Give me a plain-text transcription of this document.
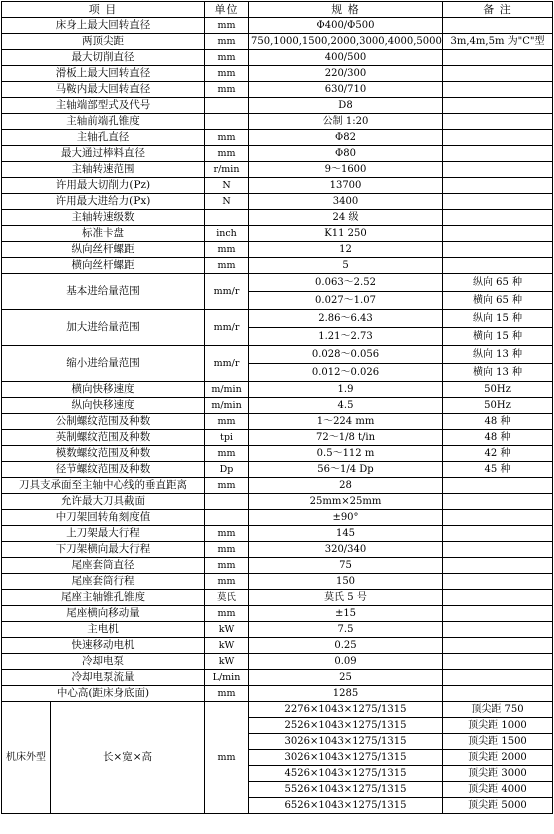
项 目		单位	规 格	备 注
床身上最大回转直径		mm	Φ400/Φ500	
两顶尖距		mm	750,1000,1500,2000,3000,4000,5000	3m,4m,5m 为"C"型
最大切削直径		mm	400/500	
滑板上最大回转直径		mm	220/300	
马鞍内最大回转直径		mm	630/710	
主轴端部型式及代号			D8	
主轴前端孔锥度			公制 1:20	
主轴孔直径		mm	Φ82	
最大通过棒料直径		mm	Φ80	
主轴转速范围		r/min	9～1600	
许用最大切削力(Pz)		N	13700	
许用最大进给力(Px)		N	3400	
主轴转速级数			24 级	
标准卡盘		inch	K11 250	
纵向丝杆螺距		mm	12	
横向丝杆螺距		mm	5	
基本进给量范围		mm/r	0.063～2.52	纵向 65 种
			0.027～1.07	横向 65 种
加大进给量范围		mm/r	2.86～6.43	纵向 15 种
			1.21～2.73	横向 15 种
缩小进给量范围		mm/r	0.028～0.056	纵向 13 种
			0.012～0.026	横向 13 种
横向快移速度		m/min	1.9	50Hz
纵向快移速度		m/min	4.5	50Hz
公制螺纹范围及种数		mm	1～224 mm	48 种
英制螺纹范围及种数		tpi	72～1/8 t/in	48 种
模数螺纹范围及种数		mm	0.5～112 m	42 种
径节螺纹范围及种数		Dp	56～1/4 Dp	45 种
刀具支承面至主轴中心线的垂直距离		mm	28	
允许最大刀具截面			25mm×25mm	
中刀架回转角刻度值			±90°	
上刀架最大行程		mm	145	
下刀架横向最大行程		mm	320/340	
尾座套筒直径		mm	75	
尾座套筒行程		mm	150	
尾座主轴锥孔锥度		莫氏	莫氏 5 号	
尾座横向移动量		mm	±15	
主电机		kW	7.5	
快速移动电机		kW	0.25	
冷却电泵		kW	0.09	
冷却电泵流量		L/min	25	
中心高(距床身底面)		mm	1285	
机床外型	长×宽×高	mm	2276×1043×1275/1315	顶尖距 750
			2526×1043×1275/1315	顶尖距 1000
			3026×1043×1275/1315	顶尖距 1500
			3026×1043×1275/1315	顶尖距 2000
			4526×1043×1275/1315	顶尖距 3000
			5526×1043×1275/1315	顶尖距 4000
			6526×1043×1275/1315	顶尖距 5000
